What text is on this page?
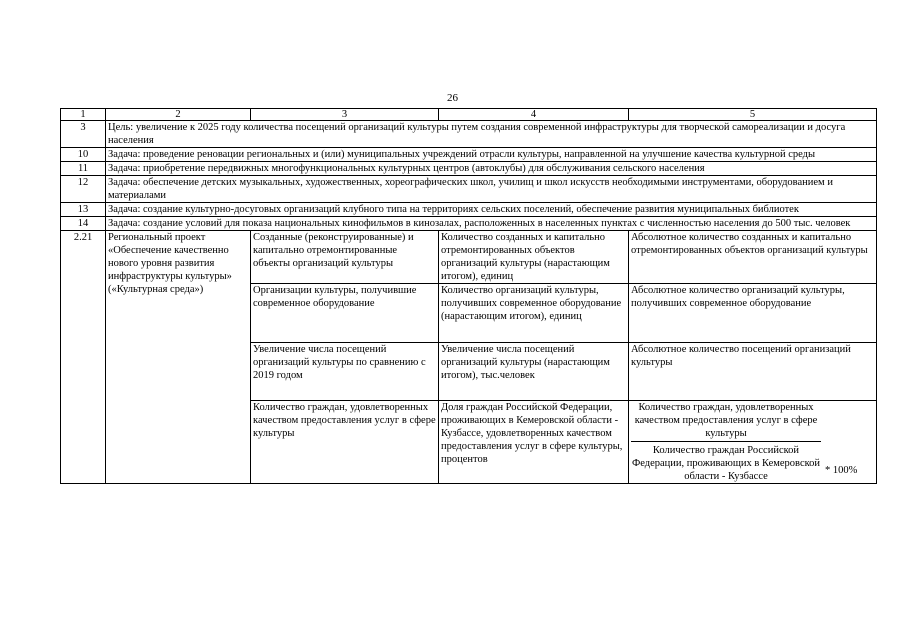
26
1	2	3	4	5
3	Цель: увеличение к 2025 году количества посещений организаций культуры путем создания современной инфраструктуры для творческой самореализации и досуга населения			
10	Задача: проведение реновации региональных и (или) муниципальных учреждений отрасли культуры, направленной на улучшение качества культурной среды			
11	Задача: приобретение передвижных многофункциональных культурных центров (автоклубы) для обслуживания сельского населения			
12	Задача: обеспечение детских музыкальных, художественных, хореографических школ, училищ и школ искусств необходимыми инструментами, оборудованием и материалами			
13	Задача: создание культурно-досуговых организаций клубного типа на территориях сельских поселений, обеспечение развития муниципальных библиотек			
14	Задача: создание условий для показа национальных кинофильмов в кинозалах, расположенных в населенных пунктах с численностью населения до 500 тыс. человек			
2.21	Региональный проект «Обеспечение качественно нового уровня развития инфраструктуры культуры» («Культурная среда»)	Созданные (реконструированные) и капитально отремонтированные объекты организаций культуры	Количество созданных и капитально отремонтированных объектов организаций культуры (нарастающим итогом), единиц	Абсолютное количество созданных и капитально отремонтированных объектов организаций культуры
		Организации культуры, получившие современное оборудование	Количество организаций культуры, получивших современное оборудование (нарастающим итогом), единиц	Абсолютное количество организаций культуры, получивших современное оборудование
		Увеличение числа посещений организаций культуры по сравнению с 2019 годом	Увеличение числа посещений организаций культуры (нарастающим итогом), тыс.человек	Абсолютное количество посещений организаций культуры
		Количество граждан, удовлетворенных качеством предоставления услуг в сфере культуры	Доля граждан Российской Федерации, проживающих в Кемеровской области - Кузбассе, удовлетворенных качеством предоставления услуг в сфере культуры, процентов	Количество граждан, удовлетворенных качеством предоставления услуг в сфере культуры
Количество граждан Российской Федерации, проживающих в Кемеровской области - Кузбассе
* 100%
